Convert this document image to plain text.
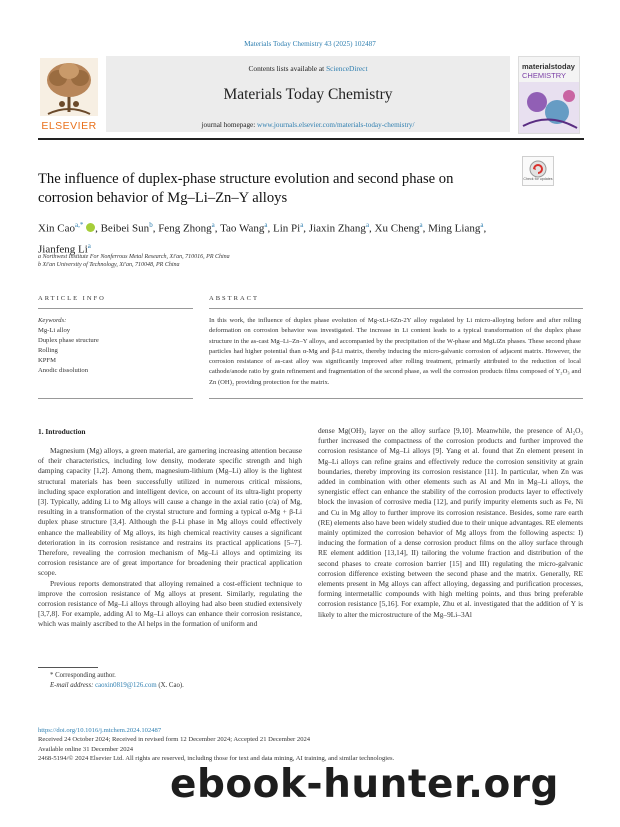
Materials Today Chemistry 43 (2025) 102487
ELSEVIER
Contents lists available at ScienceDirect
Materials Today Chemistry
journal homepage: www.journals.elsevier.com/materials-today-chemistry/
materialstoday
CHEMISTRY
The influence of duplex-phase structure evolution and second phase on corrosion behavior of Mg–Li–Zn–Y alloys
Check for updates
Xin Cao$^{a,*}$ , Beibei Sun$^b$, Feng Zhong$^a$, Tao Wang$^a$, Lin Pi$^a$, Jiaxin Zhang$^a$, Xu Cheng$^a$, Ming Liang$^a$, Jianfeng Li$^a$
a Northwest Institute For Nonferrous Metal Research, Xi'an, 710016, PR China
b Xi'an University of Technology, Xi'an, 710048, PR China
ARTICLE INFO	ABSTRACT
Keywords:
Mg-Li alloy
Duplex phase structure
Rolling
KPFM
Anodic dissolution
In this work, the influence of duplex phase evolution of Mg-xLi-6Zn-2Y alloy regulated by Li micro-alloying before and after rolling deformation on corrosion behavior was investigated. The increase in Li content leads to a typical transformation of the duplex phase structure in the as-cast Mg–Li–Zn–Y alloys, and accompanied by the precipitation of the W-phase and MgLiZn phases. These second phase particles had higher potential than α-Mg and β-Li matrix, thereby inducing the micro-galvanic corrosion of adjacent matrix. However, the corrosion resistance of as-cast alloy was significantly improved after rolling treatment, primarily attributed to the reduction of local cathode/anode ratio by grain refinement and fragmentation of the second phase, as well the corrosion products films composed of Y₂O₃ and Zn (OH)₂ providing protection for the matrix.
1. Introduction

Magnesium (Mg) alloys, a green material, are garnering increasing attention because of their characteristics, including low density, moderate specific strength and high damping capacity [1,2]. Among them, magnesium-lithium (Mg–Li) alloy is the lightest structural materials has been successfully utilized in numerous critical missions, including space exploration and intelligent device, on account of its ultra-light property [3]. Typically, adding Li to Mg alloys will cause a change in the axial ratio (c/a) of Mg, resulting in a transformation of the crystal structure and forming a typical α-Mg + β-Li duplex phase structure [3,4]. Although the β-Li phase in Mg alloys could effectively enhance the malleability of Mg alloys, its high chemical reactivity causes a significant deterioration in its corrosion resistance and restrains its practical applications [5–7]. Therefore, revealing the corrosion mechanism of Mg–Li alloys and optimizing its corrosion resistance are of great importance for broadening their practical application scope.

Previous reports demonstrated that alloying remained a cost-efficient technique to improve the corrosion resistance of Mg alloys at present. Similarly, regulating the corrosion resistance of Mg–Li alloys through alloying had also been studied extensively [3,7,8]. For example, adding Al to Mg–Li alloys can enhance their corrosion resistance, which was mainly ascribed to the Al helps in the formation of uniform and

dense Mg(OH)₂ layer on the alloy surface [9,10]. Meanwhile, the presence of Al₂O₃ further increased the compactness of the corrosion products and further improved the corrosion resistance of Mg–Li alloys [9]. Yang et al. found that Zn element present in Mg–Li alloys can refine grains and effectively reduce the corrosion sensitivity at grain boundaries, thereby improving its corrosion resistance [11]. In particular, when Zn was added in combination with other elements such as Al and Mn in Mg–Li alloys, the synergistic effect can enhance the stability of the corrosion products layer to effectively block the invasion of corrosive media [12], and purify impurity elements such as Fe, Ni and Cu in Mg alloy to further improve its corrosion resistance. Besides, some rare earth (RE) elements also have been widely studied due to their unique advantages. RE elements mainly optimized the corrosion behavior of Mg alloys from the following aspects: I) inducing the formation of a dense corrosion product films on the alloy surface through RE element addition [13,14], II) tailoring the volume fraction and distribution of the second phases to create corrosion barrier [15] and III) regulating the micro-galvanic corrosion difference existing between the second phase and the matrix. Generally, RE elements present in Mg alloys can affect alloying, degassing and purification processes, forming intermetallic compounds with high melting points, and thus bring preferable corrosion resistance [5,16]. For example, Zhu et al. investigated that the addition of Y is likely to alter the microstructure of the Mg–9Li–3Al

* Corresponding author.
E-mail address: caoxin0819@126.com (X. Cao).
https://doi.org/10.1016/j.mtchem.2024.102487
Received 24 October 2024; Received in revised form 12 December 2024; Accepted 21 December 2024
Available online 31 December 2024
2468-5194/© 2024 Elsevier Ltd. All rights are reserved, including those for text and data mining, AI training, and similar technologies.
ebook-hunter.org
